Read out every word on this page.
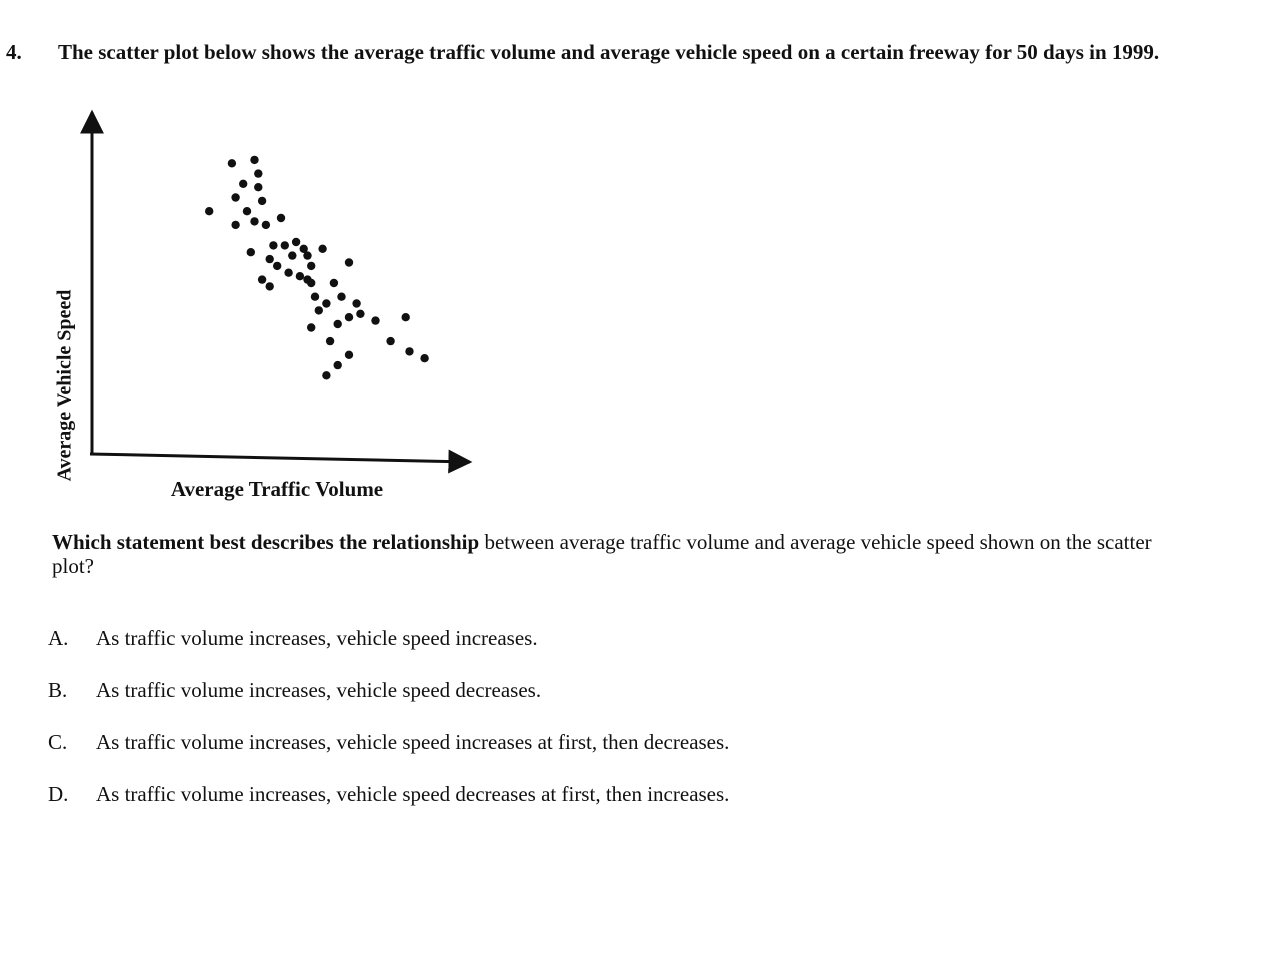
4. The scatter plot below shows the average traffic volume and average vehicle speed on a certain freeway for 50 days in 1999.
Average Vehicle Speed
Average Traffic Volume
Which statement best describes the relationship between average traffic volume and average vehicle speed shown on the scatter plot?
A.	As traffic volume increases, vehicle speed increases.
B.	As traffic volume increases, vehicle speed decreases.
C.	As traffic volume increases, vehicle speed increases at first, then decreases.
D.	As traffic volume increases, vehicle speed decreases at first, then increases.
